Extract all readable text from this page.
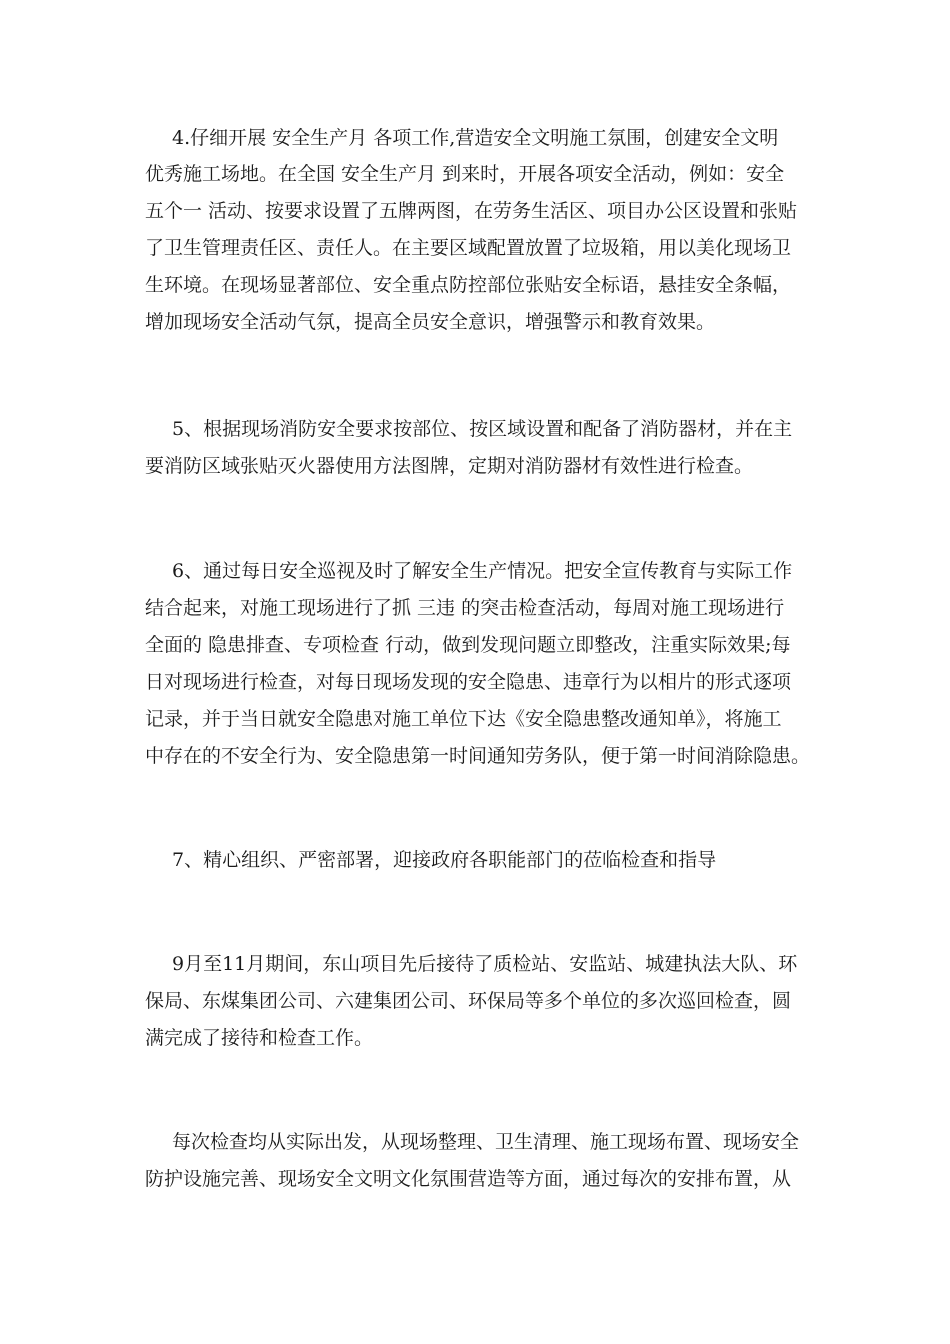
4.仔细开展 安全生产月 各项工作,营造安全文明施工氛围，创建安全文明
优秀施工场地。在全国 安全生产月 到来时，开展各项安全活动，例如：安全
五个一 活动、按要求设置了五牌两图，在劳务生活区、项目办公区设置和张贴
了卫生管理责任区、责任人。在主要区域配置放置了垃圾箱，用以美化现场卫
生环境。在现场显著部位、安全重点防控部位张贴安全标语，悬挂安全条幅，
增加现场安全活动气氛，提高全员安全意识，增强警示和教育效果。
5、根据现场消防安全要求按部位、按区域设置和配备了消防器材，并在主
要消防区域张贴灭火器使用方法图牌，定期对消防器材有效性进行检查。
6、通过每日安全巡视及时了解安全生产情况。把安全宣传教育与实际工作
结合起来，对施工现场进行了抓 三违 的突击检查活动，每周对施工现场进行
全面的 隐患排查、专项检查 行动，做到发现问题立即整改，注重实际效果;每
日对现场进行检查，对每日现场发现的安全隐患、违章行为以相片的形式逐项
记录，并于当日就安全隐患对施工单位下达《安全隐患整改通知单》，将施工
中存在的不安全行为、安全隐患第一时间通知劳务队，便于第一时间消除隐患。
7、精心组织、严密部署，迎接政府各职能部门的莅临检查和指导
9月至11月期间，东山项目先后接待了质检站、安监站、城建执法大队、环
保局、东煤集团公司、六建集团公司、环保局等多个单位的多次巡回检查，圆
满完成了接待和检查工作。
每次检查均从实际出发，从现场整理、卫生清理、施工现场布置、现场安全
防护设施完善、现场安全文明文化氛围营造等方面，通过每次的安排布置，从
